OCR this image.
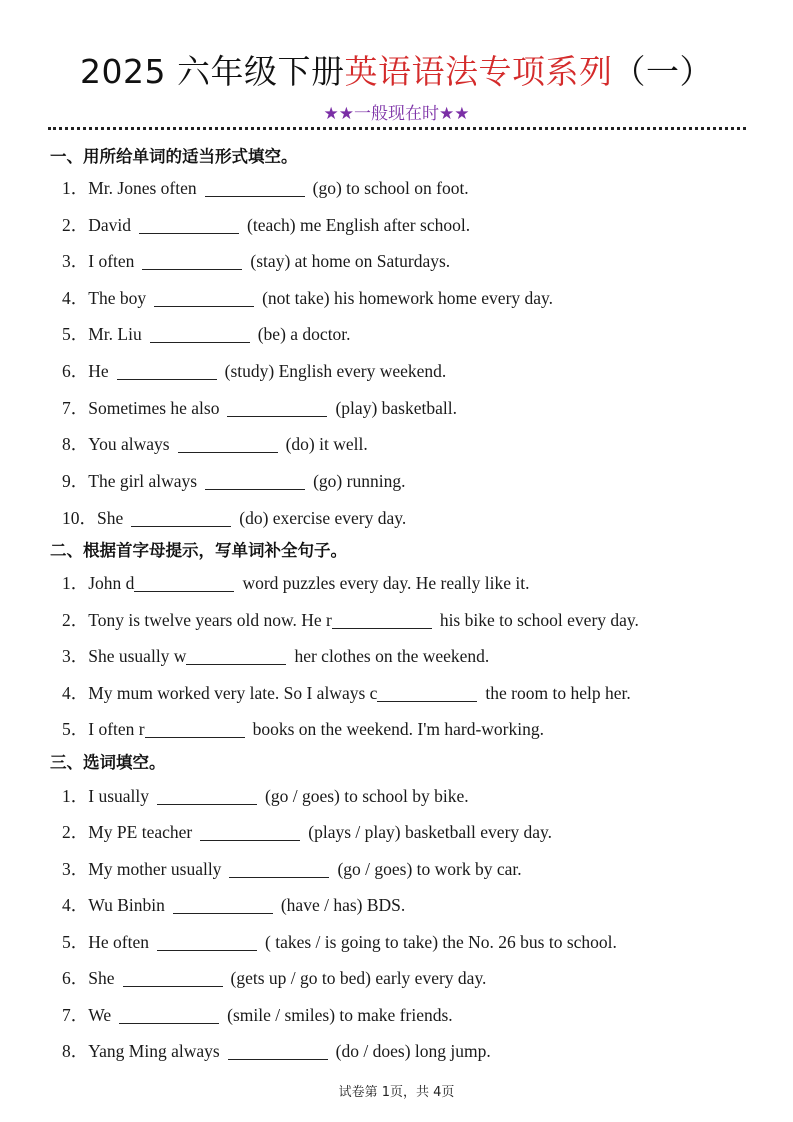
2025 六年级下册英语语法专项系列（一）
★★一般现在时★★
一、用所给单词的适当形式填空。
1．Mr. Jones often	(go) to school on foot.
2．David	(teach) me English after school.
3．I often	(stay) at home on Saturdays.
4．The boy	(not take) his homework home every day.
5．Mr. Liu	(be) a doctor.
6．He	(study) English every weekend.
7．Sometimes he also	(play) basketball.
8．You always	(do) it well.
9．The girl always	(go) running.
10．She	(do) exercise every day.
二、根据首字母提示，写单词补全句子。
1．John d	word puzzles every day. He really like it.
2．Tony is twelve years old now. He r	his bike to school every day.
3．She usually w	her clothes on the weekend.
4．My mum worked very late. So I always c	the room to help her.
5．I often r	books on the weekend. I'm hard-working.
三、选词填空。
1．I usually	(go / goes) to school by bike.
2．My PE teacher	(plays / play) basketball every day.
3．My mother usually	(go / goes) to work by car.
4．Wu Binbin	(have / has) BDS.
5．He often	( takes / is going to take) the No. 26 bus to school.
6．She	(gets up / go to bed) early every day.
7．We	(smile / smiles) to make friends.
8．Yang Ming always	(do / does) long jump.
试卷第 1页，共 4页
